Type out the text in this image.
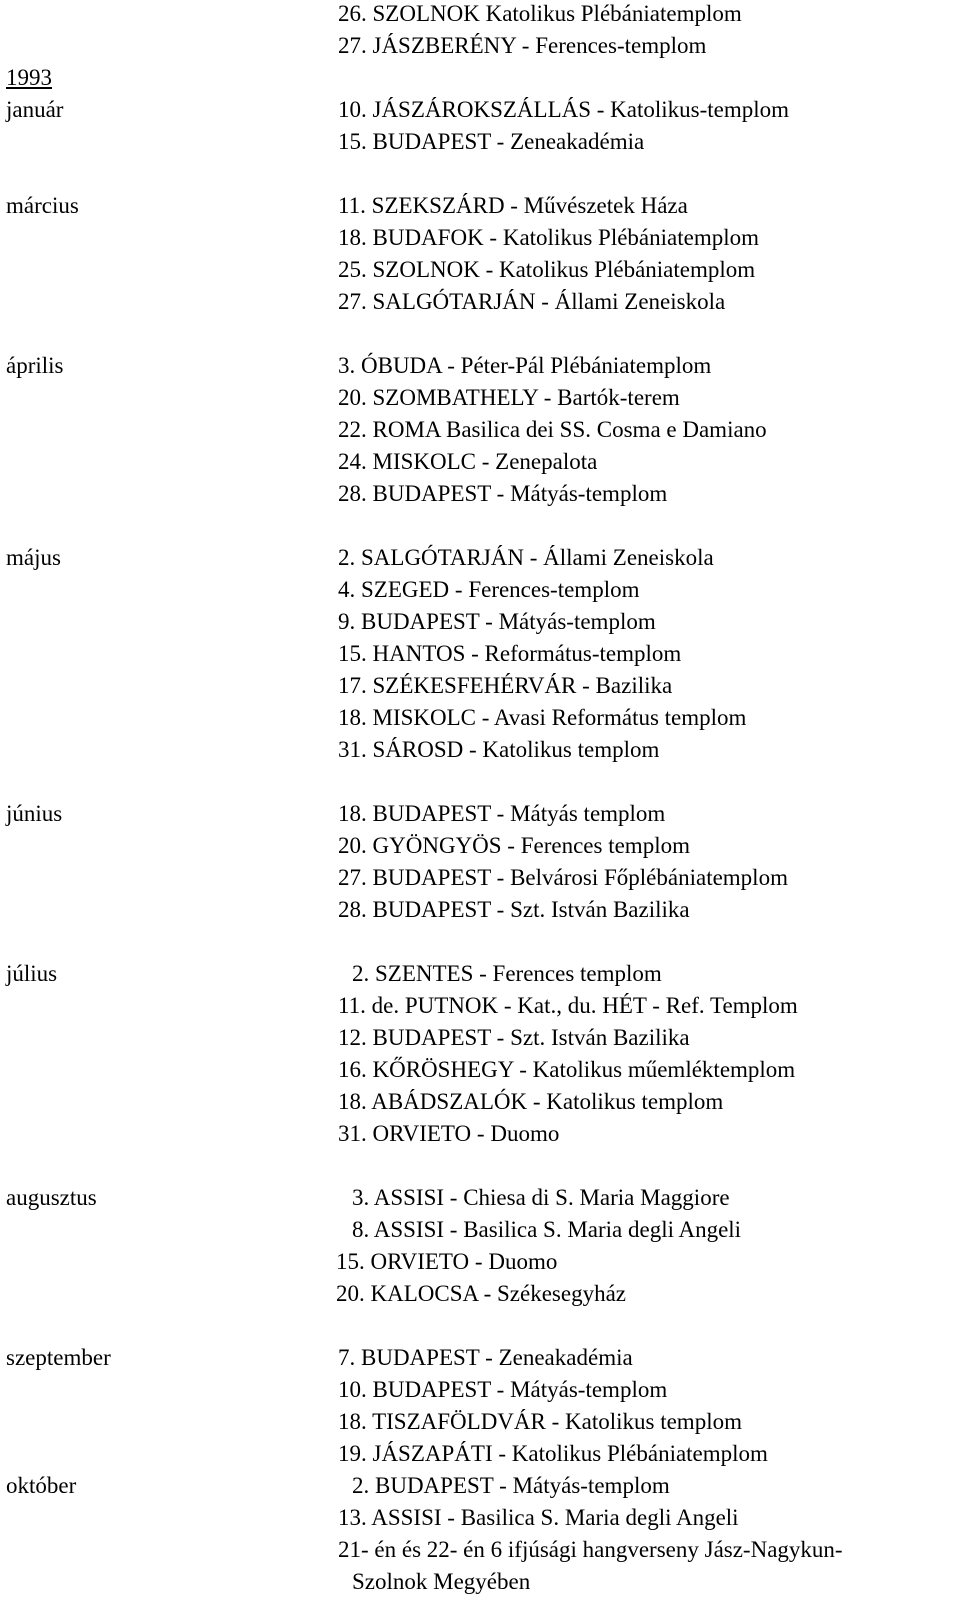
1993
26. SZOLNOK Katolikus Plébániatemplom
27. JÁSZBERÉNY - Ferences-templom
január	10. JÁSZÁROKSZÁLLÁS - Katolikus-templom
15. BUDAPEST - Zeneakadémia
március	11. SZEKSZÁRD - Művészetek Háza
18. BUDAFOK - Katolikus Plébániatemplom
25. SZOLNOK - Katolikus Plébániatemplom
27. SALGÓTARJÁN - Állami Zeneiskola
április	3. ÓBUDA - Péter-Pál Plébániatemplom
20. SZOMBATHELY - Bartók-terem
22. ROMA Basilica dei SS. Cosma e Damiano
24. MISKOLC - Zenepalota
28. BUDAPEST - Mátyás-templom
május	2. SALGÓTARJÁN - Állami Zeneiskola
4. SZEGED - Ferences-templom
9. BUDAPEST - Mátyás-templom
15. HANTOS - Református-templom
17. SZÉKESFEHÉRVÁR - Bazilika
18. MISKOLC - Avasi Református templom
31. SÁROSD - Katolikus templom
június	18. BUDAPEST - Mátyás templom
20. GYÖNGYÖS - Ferences templom
27. BUDAPEST - Belvárosi Főplébániatemplom
28. BUDAPEST - Szt. István Bazilika
július	2. SZENTES - Ferences templom
11. de. PUTNOK - Kat., du. HÉT - Ref. Templom
12. BUDAPEST - Szt. István Bazilika
16. KŐRÖSHEGY - Katolikus műemléktemplom
18. ABÁDSZALÓK - Katolikus templom
31. ORVIETO - Duomo
augusztus	3. ASSISI - Chiesa di S. Maria Maggiore
8. ASSISI - Basilica S. Maria degli Angeli
15. ORVIETO - Duomo
20. KALOCSA - Székesegyház
szeptember	7. BUDAPEST - Zeneakadémia
10. BUDAPEST - Mátyás-templom
18. TISZAFÖLDVÁR - Katolikus templom
19. JÁSZAPÁTI - Katolikus Plébániatemplom
október	2. BUDAPEST - Mátyás-templom
13. ASSISI - Basilica S. Maria degli Angeli
21- én és 22- én 6 ifjúsági hangverseny Jász-Nagykun-
Szolnok Megyében
